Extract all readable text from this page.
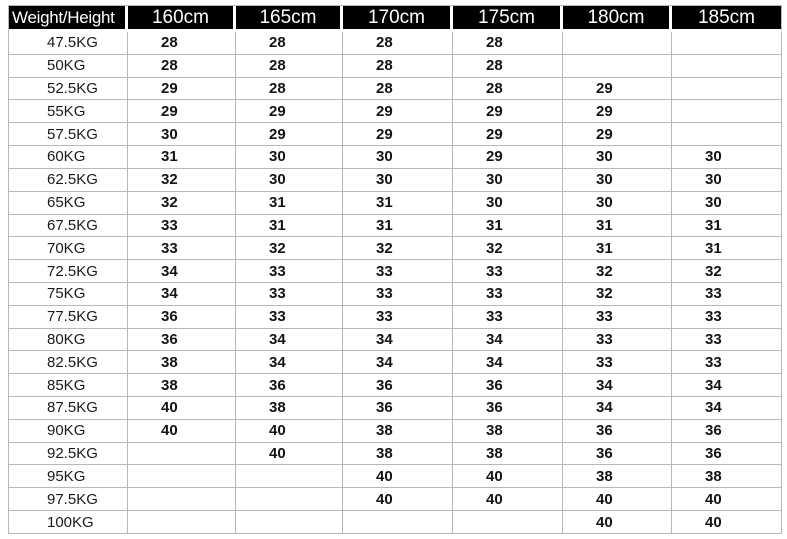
Weight/Height	160cm	165cm	170cm	175cm	180cm	185cm
47.5KG	28	28	28	28		
50KG	28	28	28	28		
52.5KG	29	28	28	28	29	
55KG	29	29	29	29	29	
57.5KG	30	29	29	29	29	
60KG	31	30	30	29	30	30
62.5KG	32	30	30	30	30	30
65KG	32	31	31	30	30	30
67.5KG	33	31	31	31	31	31
70KG	33	32	32	32	31	31
72.5KG	34	33	33	33	32	32
75KG	34	33	33	33	32	33
77.5KG	36	33	33	33	33	33
80KG	36	34	34	34	33	33
82.5KG	38	34	34	34	33	33
85KG	38	36	36	36	34	34
87.5KG	40	38	36	36	34	34
90KG	40	40	38	38	36	36
92.5KG		40	38	38	36	36
95KG			40	40	38	38
97.5KG			40	40	40	40
100KG					40	40
